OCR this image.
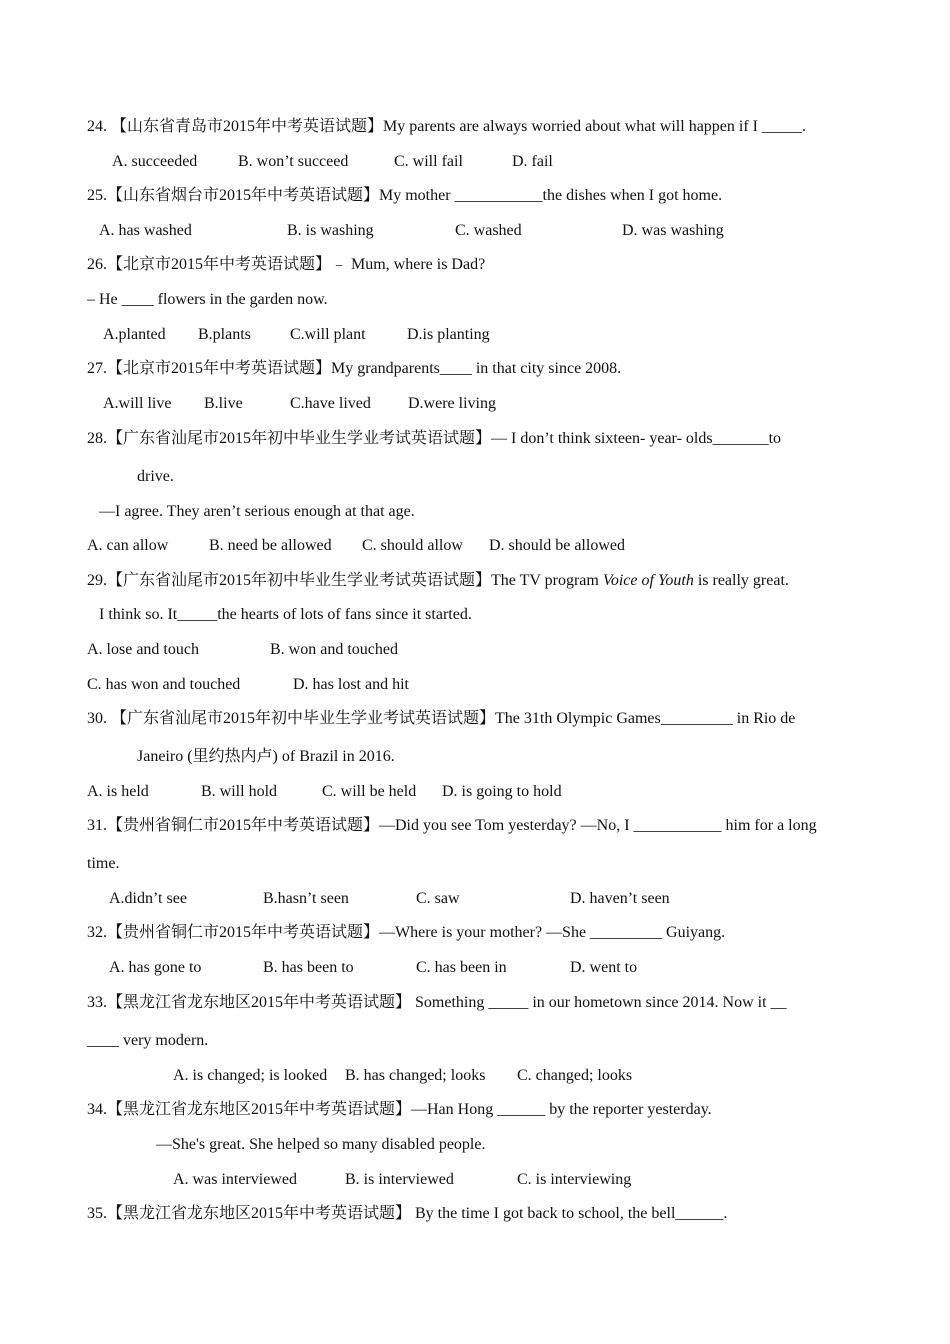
24. 【山东省青岛市2015年中考英语试题】My parents are always worried about what will happen if I _____.
A. succeeded	B. won’t succeed	C. will fail	D. fail
25.【山东省烟台市2015年中考英语试题】My mother ___________the dishes when I got home.
A. has washed	B. is washing	C. washed	D. was washing
26.【北京市2015年中考英语试题】﹣ Mum, where is Dad?
– He ____ flowers in the garden now.
A.planted B.plants C.will plant	D.is planting
27.【北京市2015年中考英语试题】My grandparents____ in that city since 2008.
A.will live B.live	C.have lived D.were living
28.【广东省汕尾市2015年初中毕业生学业考试英语试题】— I don’t think sixteen- year- olds_______to
drive.
—I agree. They aren’t serious enough at that age.
A. can allow	B. need be allowed C. should allow D. should be allowed
29.【广东省汕尾市2015年初中毕业生学业考试英语试题】The TV program Voice of Youth is really great.
I think so. It_____the hearts of lots of fans since it started.
A. lose and touch	B. won and touched
C. has won and touched	D. has lost and hit
30. 【广东省汕尾市2015年初中毕业生学业考试英语试题】The 31th Olympic Games_________ in Rio de
Janeiro (里约热内卢) of Brazil in 2016.
A. is held	B. will hold	C. will be held D. is going to hold
31.【贵州省铜仁市2015年中考英语试题】—Did you see Tom yesterday? —No, I ___________ him for a long
time.
A.didn’t see	B.hasn’t seen	C. saw	D. haven’t seen
32.【贵州省铜仁市2015年中考英语试题】—Where is your mother? —She _________ Guiyang.
A. has gone to	B. has been to	C. has been in	D. went to
33.【黑龙江省龙东地区2015年中考英语试题】 Something _____ in our hometown since 2014. Now it __
____ very modern.
A. is changed; is looked B. has changed; looks C. changed; looks
34.【黑龙江省龙东地区2015年中考英语试题】—Han Hong ______ by the reporter yesterday.
—She's great. She helped so many disabled people.
A. was interviewed	B. is interviewed	C. is interviewing
35.【黑龙江省龙东地区2015年中考英语试题】 By the time I got back to school, the bell______.
